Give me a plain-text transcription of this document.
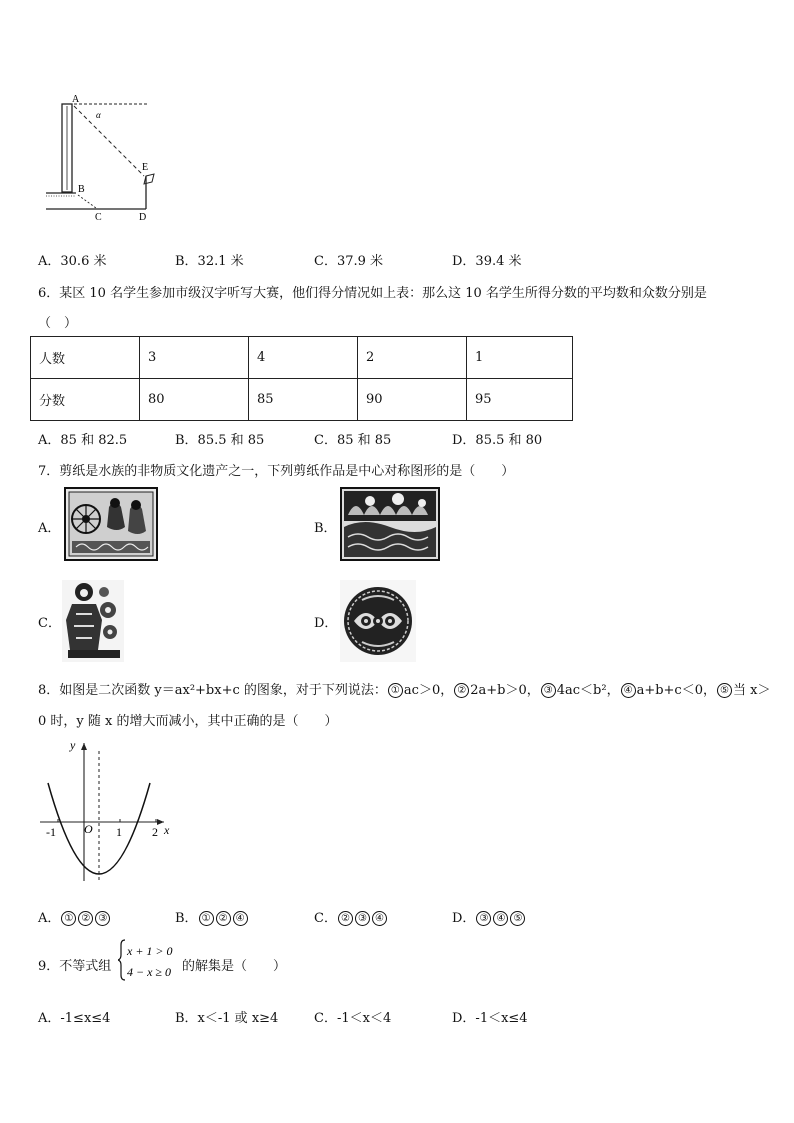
A
α
E
B
C	D
A．30.6 米	B．32.1 米	C．37.9 米	D．39.4 米
6．某区 10 名学生参加市级汉字听写大赛，他们得分情况如上表：那么这 10 名学生所得分数的平均数和众数分别是
（　）
人数	3	4	2	1
分数	80	85	90	95
A．85 和 82.5	B．85.5 和 85	C．85 和 85	D．85.5 和 80
7．剪纸是水族的非物质文化遗产之一，下列剪纸作品是中心对称图形的是（　　）
A．	B．
C．	D．
8．如图是二次函数 y＝ax²+bx+c 的图象，对于下列说法： ① ac＞0， ② 2a+b＞0， ③ 4ac＜b²， ④ a+b+c＜0， ⑤ 当 x＞
0 时，y 随 x 的增大而减小，其中正确的是（　　）
y
x
-1 O 1	2
A． ① ② ③	B． ① ② ④	C． ② ③ ④	D． ③ ④ ⑤
9．不等式组
x + 1 > 0
4 − x ≥ 0 的解集是（　　）
A．-1≤x≤4	B．x＜-1 或 x≥4	C．-1＜x＜4	D．-1＜x≤4
